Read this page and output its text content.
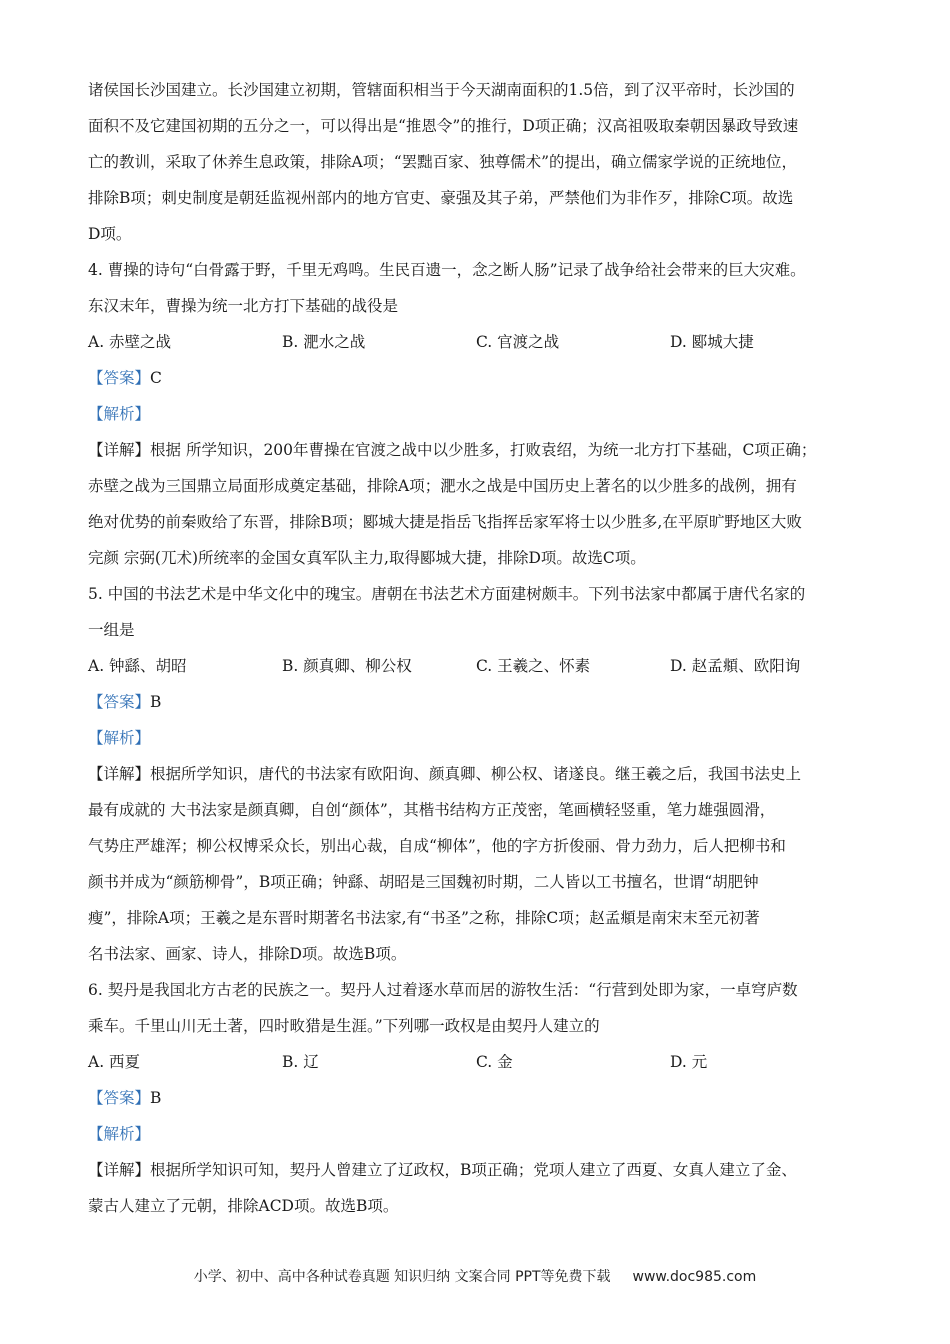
诸侯国长沙国建立。长沙国建立初期，管辖面积相当于今天湖南面积的1.5倍，到了汉平帝时，长沙国的

面积不及它建国初期的五分之一，可以得出是“推恩令”的推行，D项正确；汉高祖吸取秦朝因暴政导致速

亡的教训，采取了休养生息政策，排除A项；“罢黜百家、独尊儒术”的提出，确立儒家学说的正统地位，

排除B项；刺史制度是朝廷监视州部内的地方官吏、豪强及其子弟，严禁他们为非作歹，排除C项。故选

D项。

4. 曹操的诗句“白骨露于野，千里无鸡鸣。生民百遗一，念之断人肠”记录了战争给社会带来的巨大灾难。

东汉末年，曹操为统一北方打下基础的战役是

A. 赤壁之战	B. 淝水之战	C. 官渡之战	D. 郾城大捷

【答案】C

【解析】

【详解】根据 所学知识，200年曹操在官渡之战中以少胜多，打败袁绍，为统一北方打下基础，C项正确；

赤壁之战为三国鼎立局面形成奠定基础，排除A项；淝水之战是中国历史上著名的以少胜多的战例，拥有

绝对优势的前秦败给了东晋，排除B项；郾城大捷是指岳飞指挥岳家军将士以少胜多,在平原旷野地区大败

完颜 宗弼(兀术)所统率的金国女真军队主力,取得郾城大捷，排除D项。故选C项。

5. 中国的书法艺术是中华文化中的瑰宝。唐朝在书法艺术方面建树颇丰。下列书法家中都属于唐代名家的

一组是

A. 钟繇、胡昭	B. 颜真卿、柳公权	C. 王羲之、怀素	D. 赵孟頫、欧阳询

【答案】B

【解析】

【详解】根据所学知识，唐代的书法家有欧阳询、颜真卿、柳公权、诸遂良。继王羲之后，我国书法史上

最有成就的 大书法家是颜真卿，自创“颜体”，其楷书结构方正茂密，笔画横轻竖重，笔力雄强圆滑，

气势庄严雄浑；柳公权博采众长，别出心裁，自成“柳体”，他的字方折俊丽、骨力劲力，后人把柳书和

颜书并成为“颜筋柳骨”，B项正确；钟繇、胡昭是三国魏初时期，二人皆以工书擅名，世谓“胡肥钟

瘦”，排除A项；王羲之是东晋时期著名书法家,有“书圣”之称，排除C项；赵孟頫是南宋末至元初著

名书法家、画家、诗人，排除D项。故选B项。

6. 契丹是我国北方古老的民族之一。契丹人过着逐水草而居的游牧生活：“行营到处即为家，一卓穹庐数

乘车。千里山川无土著，四时畋猎是生涯。”下列哪一政权是由契丹人建立的

A. 西夏	B. 辽	C. 金	D. 元

【答案】B

【解析】

【详解】根据所学知识可知，契丹人曾建立了辽政权，B项正确；党项人建立了西夏、女真人建立了金、

蒙古人建立了元朝，排除ACD项。故选B项。

小学、初中、高中各种试卷真题 知识归纳 文案合同 PPT等免费下载 www.doc985.com
